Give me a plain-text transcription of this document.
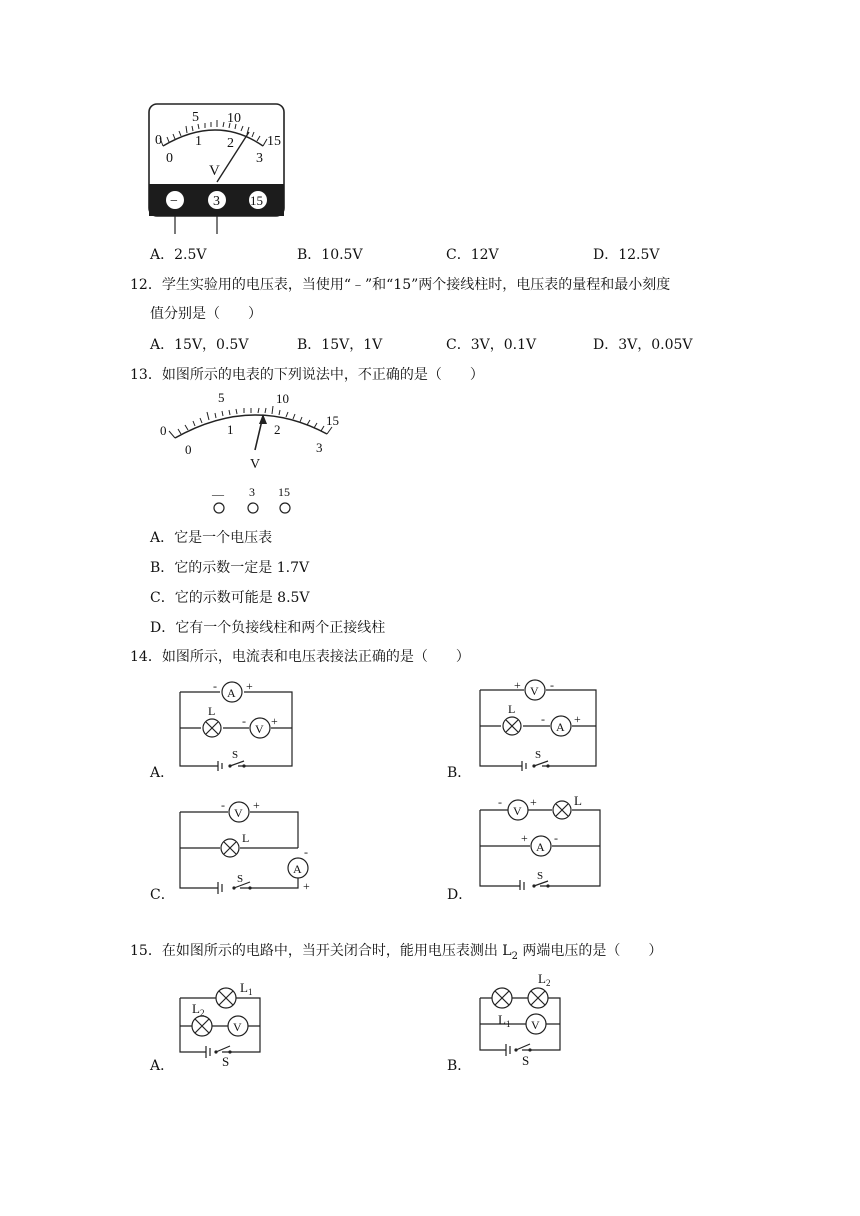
0
5 10
15
0
1 2
3
V
−	3 15
A．2.5V	B．10.5V	C．12V	D．12.5V
12．学生实验用的电压表，当使用“﹣”和“15”两个接线柱时，电压表的量程和最小刻度
值分别是（　　）
A．15V，0.5V	B．15V，1V	C．3V，0.1V	D．3V，0.05V
13．如图所示的电表的下列说法中，不正确的是（　　）
0
5	10
15
0
1	2
3
V
— 3 15
A．它是一个电压表
B．它的示数一定是 1.7V
C．它的示数可能是 8.5V
D．它有一个负接线柱和两个正接线柱
14．如图所示，电流表和电压表接法正确的是（　　）
A．
A
V
L
S
- +
- +
B．
V
A
L
S
+ -
- +
C．
V
A
L
S
- +
-
+
D．
V
A
L
S
- +
+ -
15．在如图所示的电路中，当开关闭合时，能用电压表测出 $L_2$ 两端电压的是（　　）
A．
$L_1$
$L_2$
V
S	B．
$L_2$
$L_1$ V
S
